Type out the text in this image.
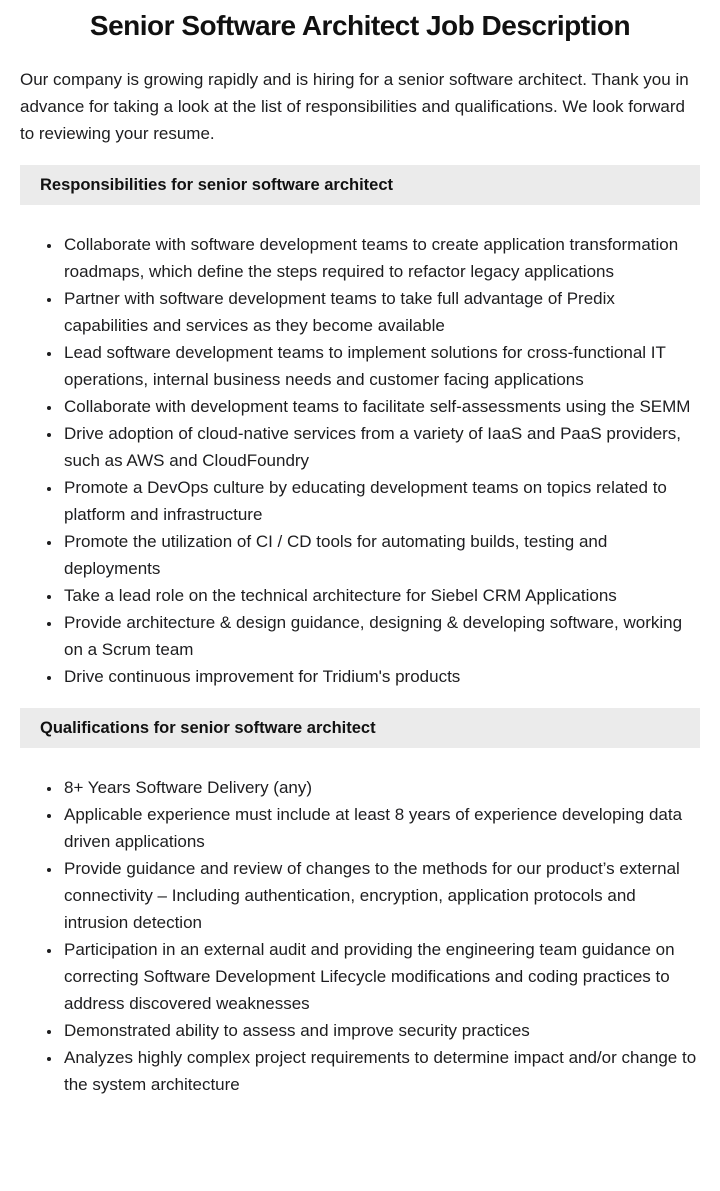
Senior Software Architect Job Description

Our company is growing rapidly and is hiring for a senior software architect. Thank you in advance for taking a look at the list of responsibilities and qualifications. We look forward to reviewing your resume.

Responsibilities for senior software architect
• Collaborate with software development teams to create application transformation roadmaps, which define the steps required to refactor legacy applications
• Partner with software development teams to take full advantage of Predix capabilities and services as they become available
• Lead software development teams to implement solutions for cross-functional IT operations, internal business needs and customer facing applications
• Collaborate with development teams to facilitate self-assessments using the SEMM
• Drive adoption of cloud-native services from a variety of IaaS and PaaS providers, such as AWS and CloudFoundry
• Promote a DevOps culture by educating development teams on topics related to platform and infrastructure
• Promote the utilization of CI / CD tools for automating builds, testing and deployments
• Take a lead role on the technical architecture for Siebel CRM Applications
• Provide architecture & design guidance, designing & developing software, working on a Scrum team
• Drive continuous improvement for Tridium's products
Qualifications for senior software architect
• 8+ Years Software Delivery (any)
• Applicable experience must include at least 8 years of experience developing data driven applications
• Provide guidance and review of changes to the methods for our product’s external connectivity – Including authentication, encryption, application protocols and intrusion detection
• Participation in an external audit and providing the engineering team guidance on correcting Software Development Lifecycle modifications and coding practices to address discovered weaknesses
• Demonstrated ability to assess and improve security practices
• Analyzes highly complex project requirements to determine impact and/or change to the system architecture
